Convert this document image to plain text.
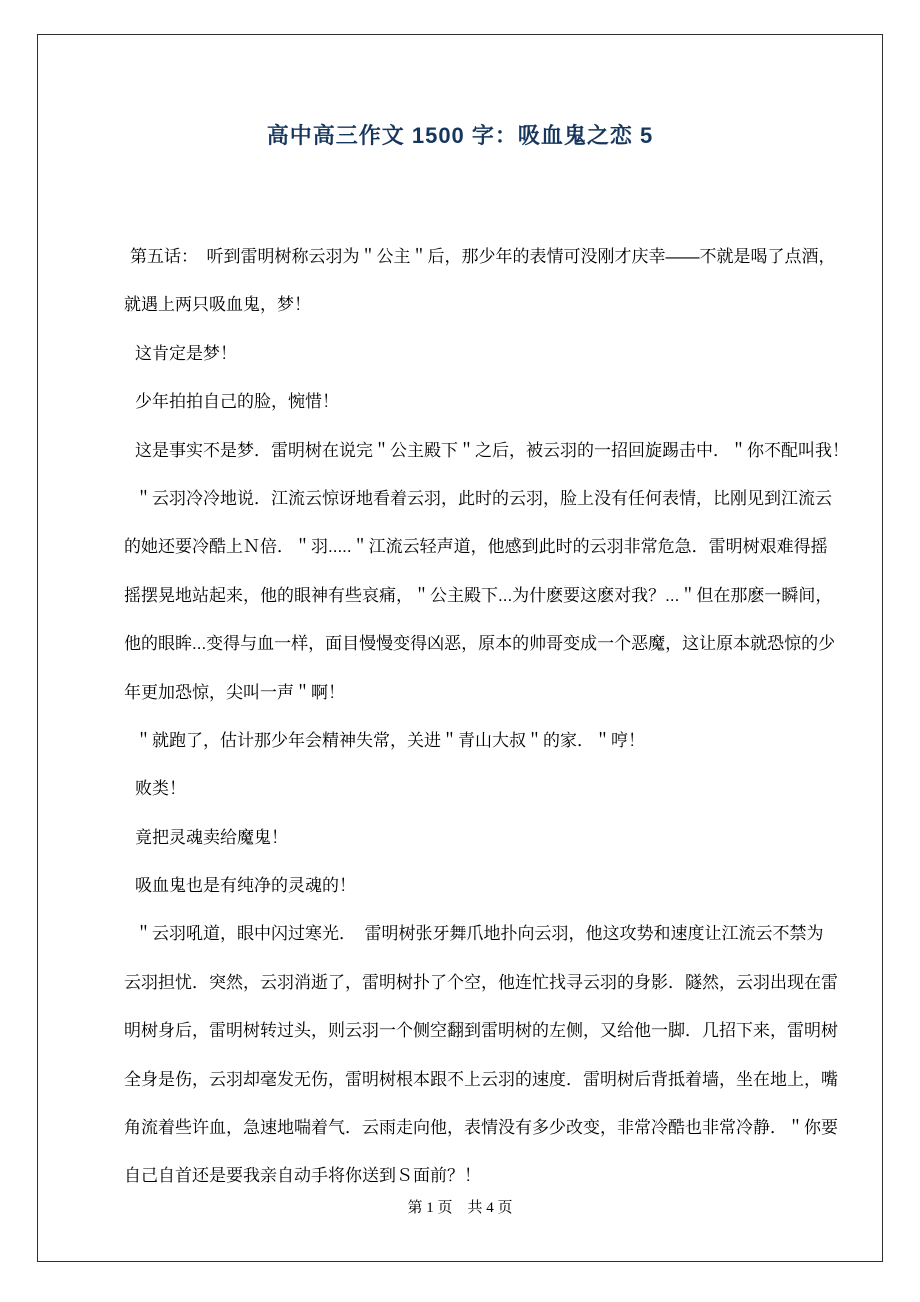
高中高三作文 1500 字：吸血鬼之恋 5
第五话：　听到雷明树称云羽为＂公主＂后，那少年的表情可没刚才庆幸——不就是喝了点酒，
就遇上两只吸血鬼，梦！
这肯定是梦！
少年拍拍自己的脸，惋惜！
这是事实不是梦．雷明树在说完＂公主殿下＂之后，被云羽的一招回旋踢击中．＂你不配叫我！
＂云羽冷冷地说．江流云惊讶地看着云羽，此时的云羽，脸上没有任何表情，比刚见到江流云
的她还要冷酷上Ｎ倍．＂羽.....＂江流云轻声道，他感到此时的云羽非常危急．雷明树艰难得摇
摇摆晃地站起来，他的眼神有些哀痛，＂公主殿下...为什麽要这麽对我？...＂但在那麽一瞬间，
他的眼眸...变得与血一样，面目慢慢变得凶恶，原本的帅哥变成一个恶魔，这让原本就恐惊的少
年更加恐惊，尖叫一声＂啊！
＂就跑了，估计那少年会精神失常，关进＂青山大叔＂的家．＂哼！
败类！
竟把灵魂卖给魔鬼！
吸血鬼也是有纯净的灵魂的！
＂云羽吼道，眼中闪过寒光．　雷明树张牙舞爪地扑向云羽，他这攻势和速度让江流云不禁为
云羽担忧．突然，云羽消逝了，雷明树扑了个空，他连忙找寻云羽的身影．隧然，云羽出现在雷
明树身后，雷明树转过头，则云羽一个侧空翻到雷明树的左侧，又给他一脚．几招下来，雷明树
全身是伤，云羽却毫发无伤，雷明树根本跟不上云羽的速度．雷明树后背抵着墙，坐在地上，嘴
角流着些许血，急速地喘着气．云雨走向他，表情没有多少改变，非常冷酷也非常冷静．＂你要
自己自首还是要我亲自动手将你送到Ｓ面前？！
第 1 页　共 4 页
